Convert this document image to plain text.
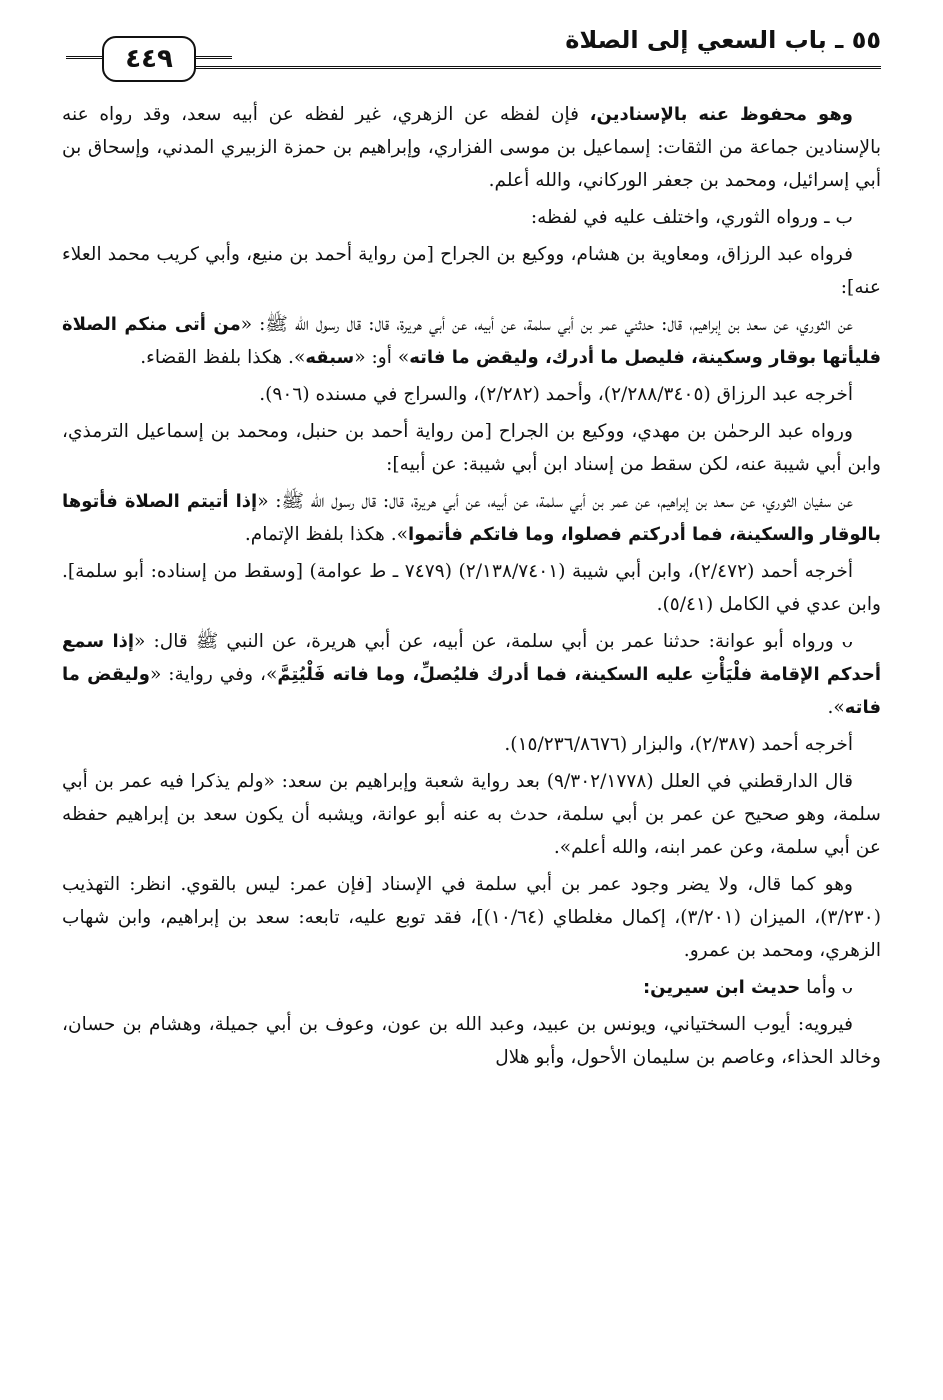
٥٥ ـ باب السعي إلى الصلاة
٤٤٩

وهو محفوظ عنه بالإسنادين، فإن لفظه عن الزهري، غير لفظه عن أبيه سعد، وقد رواه عنه بالإسنادين جماعة من الثقات: إسماعيل بن موسى الفزاري، وإبراهيم بن حمزة الزبيري المدني، وإسحاق بن أبي إسرائيل، ومحمد بن جعفر الوركاني، والله أعلم.

ب ـ ورواه الثوري، واختلف عليه في لفظه:

فرواه عبد الرزاق، ومعاوية بن هشام، ووكيع بن الجراح [من رواية أحمد بن منيع، وأبي كريب محمد العلاء عنه]:

عن الثوري، عن سعد بن إبراهيم، قال: حدثني عمر بن أبي سلمة، عن أبيه، عن أبي هريرة، قال: قال رسول الله ﷺ: «من أتى منكم الصلاة فليأتها بوقار وسكينة، فليصل ما أدرك، وليقض ما فاته» أو: «سبقه». هكذا بلفظ القضاء.

أخرجه عبد الرزاق (٢/٢٨٨/٣٤٠٥)، وأحمد (٢/٢٨٢)، والسراج في مسنده (٩٠٦).

ورواه عبد الرحمٰن بن مهدي، ووكيع بن الجراح [من رواية أحمد بن حنبل، ومحمد بن إسماعيل الترمذي، وابن أبي شيبة عنه، لكن سقط من إسناد ابن أبي شيبة: عن أبيه]:

عن سفيان الثوري، عن سعد بن إبراهيم، عن عمر بن أبي سلمة، عن أبيه، عن أبي هريرة، قال: قال رسول الله ﷺ: «إذا أتيتم الصلاة فأتوها بالوقار والسكينة، فما أدركتم فصلوا، وما فاتكم فأتموا». هكذا بلفظ الإتمام.

أخرجه أحمد (٢/٤٧٢)، وابن أبي شيبة (٢/١٣٨/٧٤٠١) (٧٤٧٩ ـ ط عوامة) [وسقط من إسناده: أبو سلمة]. وابن عدي في الكامل (٥/٤١).

ᴗ ورواه أبو عوانة: حدثنا عمر بن أبي سلمة، عن أبيه، عن أبي هريرة، عن النبي ﷺ قال: «إذا سمع أحدكم الإقامة فلْيَأْتِ عليه السكينة، فما أدرك فليُصلِّ، وما فاته فَلْيُتِمَّ»، وفي رواية: «وليقض ما فاته».

أخرجه أحمد (٢/٣٨٧)، والبزار (١٥/٢٣٦/٨٦٧٦).

قال الدارقطني في العلل (٩/٣٠٢/١٧٧٨) بعد رواية شعبة وإبراهيم بن سعد: «ولم يذكرا فيه عمر بن أبي سلمة، وهو صحيح عن عمر بن أبي سلمة، حدث به عنه أبو عوانة، ويشبه أن يكون سعد بن إبراهيم حفظه عن أبي سلمة، وعن عمر ابنه، والله أعلم».

وهو كما قال، ولا يضر وجود عمر بن أبي سلمة في الإسناد [فإن عمر: ليس بالقوي. انظر: التهذيب (٣/٢٣٠)، الميزان (٣/٢٠١)، إكمال مغلطاي (١٠/٦٤)]، فقد توبع عليه، تابعه: سعد بن إبراهيم، وابن شهاب الزهري، ومحمد بن عمرو.

ᴗ وأما حديث ابن سيرين:

فيرويه: أيوب السختياني، ويونس بن عبيد، وعبد الله بن عون، وعوف بن أبي جميلة، وهشام بن حسان، وخالد الحذاء، وعاصم بن سليمان الأحول، وأبو هلال
